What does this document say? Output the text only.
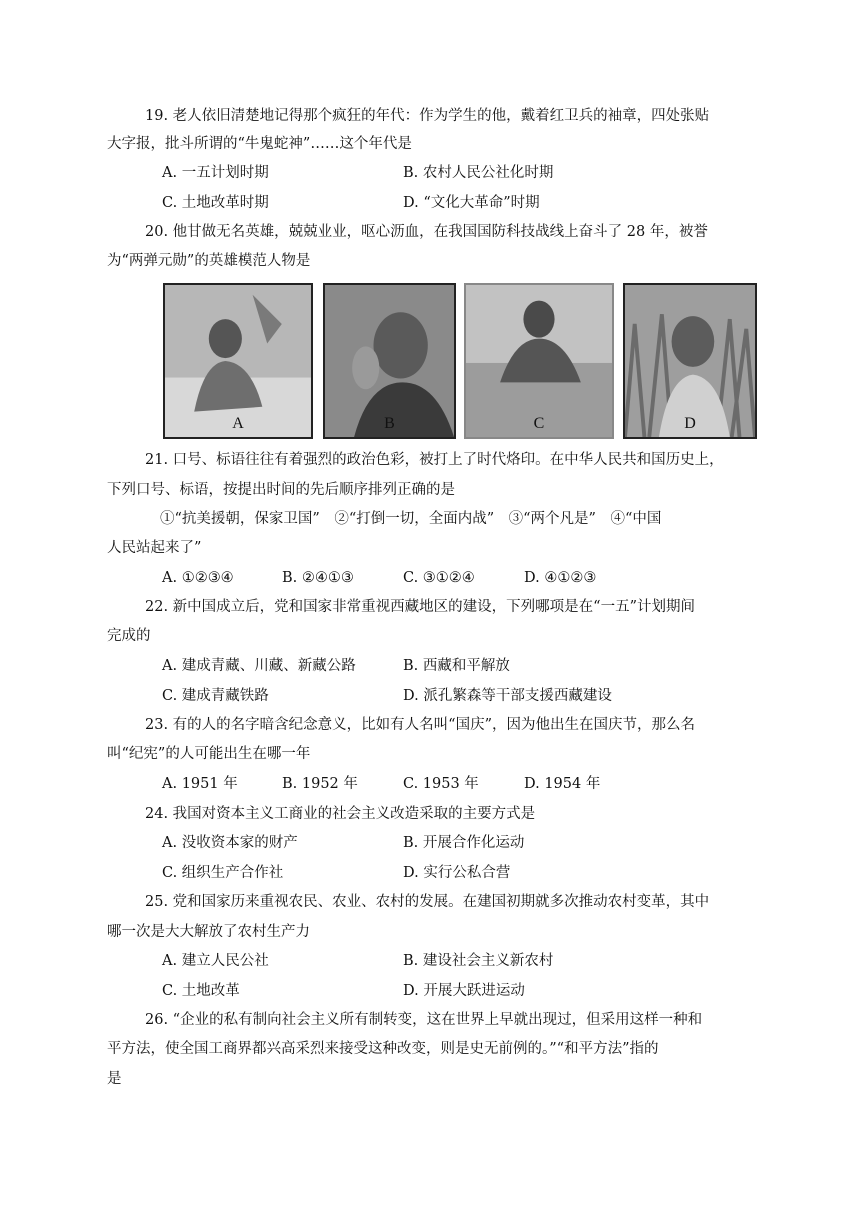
19. 老人依旧清楚地记得那个疯狂的年代：作为学生的他，戴着红卫兵的袖章，四处张贴
大字报，批斗所谓的“牛鬼蛇神”……这个年代是
A. 一五计划时期	B. 农村人民公社化时期
C. 土地改革时期	D. “文化大革命”时期
20. 他甘做无名英雄，兢兢业业，呕心沥血，在我国国防科技战线上奋斗了 28 年，被誉
为“两弹元勋”的英雄模范人物是
A	B	C	D
21. 口号、标语往往有着强烈的政治色彩，被打上了时代烙印。在中华人民共和国历史上，
下列口号、标语，按提出时间的先后顺序排列正确的是
①“抗美援朝，保家卫国”　②“打倒一切，全面内战”　③“两个凡是”　④“中国
人民站起来了”
A. ①②③④	B. ②④①③	C. ③①②④	D. ④①②③
22. 新中国成立后，党和国家非常重视西藏地区的建设，下列哪项是在“一五”计划期间
完成的
A. 建成青藏、川藏、新藏公路	B. 西藏和平解放
C. 建成青藏铁路	D. 派孔繁森等干部支援西藏建设
23. 有的人的名字暗含纪念意义，比如有人名叫“国庆”，因为他出生在国庆节，那么名
叫“纪宪”的人可能出生在哪一年
A. 1951 年	B. 1952 年	C. 1953 年	D. 1954 年
24. 我国对资本主义工商业的社会主义改造采取的主要方式是
A. 没收资本家的财产	B. 开展合作化运动
C. 组织生产合作社	D. 实行公私合营
25. 党和国家历来重视农民、农业、农村的发展。在建国初期就多次推动农村变革，其中
哪一次是大大解放了农村生产力
A. 建立人民公社	B. 建设社会主义新农村
C. 土地改革	D. 开展大跃进运动
26. “企业的私有制向社会主义所有制转变，这在世界上早就出现过，但采用这样一种和
平方法，使全国工商界都兴高采烈来接受这种改变，则是史无前例的。”“和平方法”指的
是
